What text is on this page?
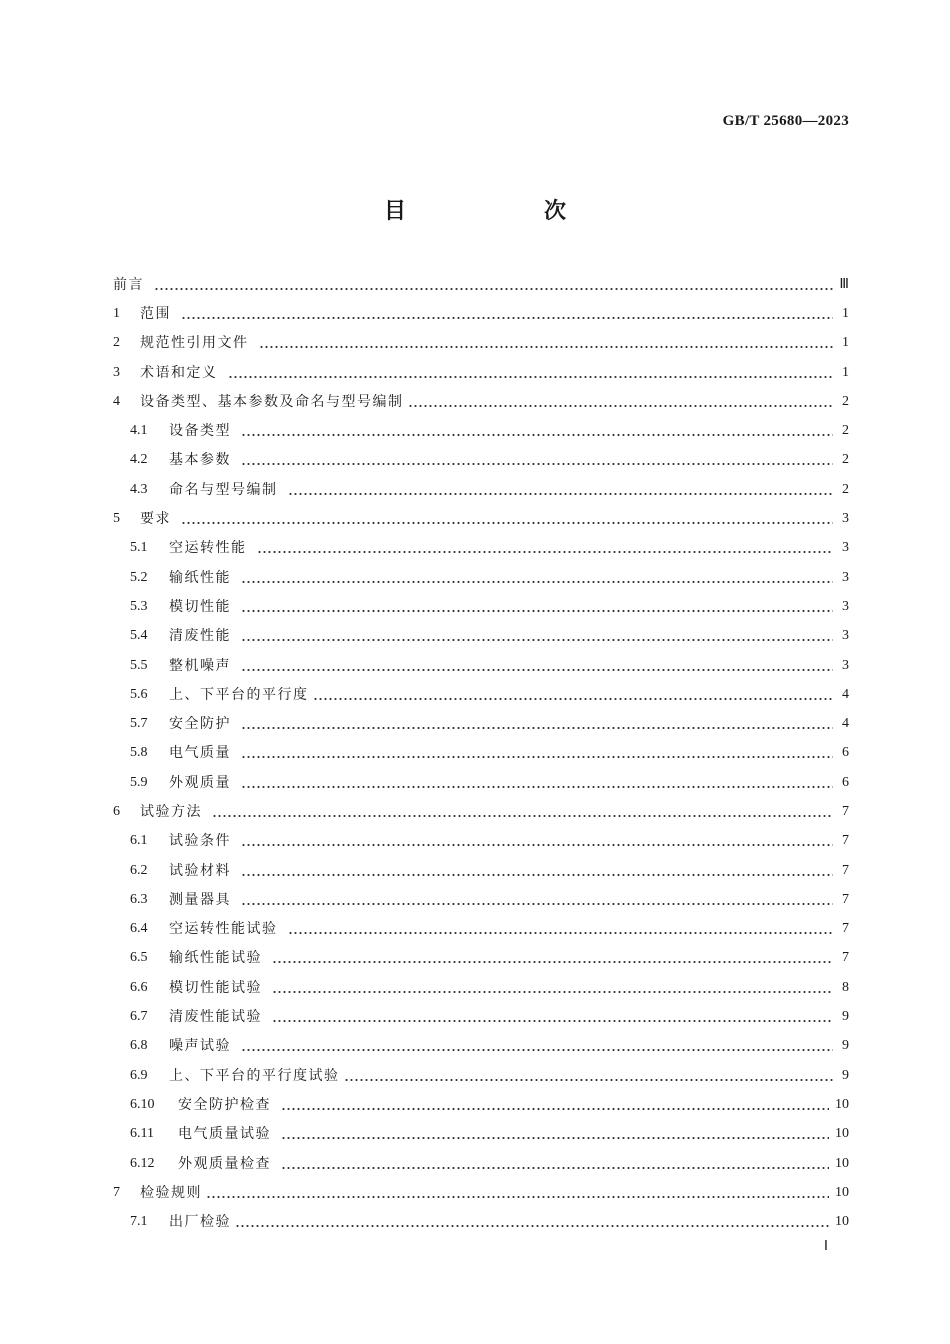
GB/T 25680—2023
目　次
前言	Ⅲ
1	范围	1
2	规范性引用文件	1
3	术语和定义	1
4	设备类型、基本参数及命名与型号编制	2
4.1	设备类型	2
4.2	基本参数	2
4.3	命名与型号编制	2
5	要求	3
5.1	空运转性能	3
5.2	输纸性能	3
5.3	模切性能	3
5.4	清废性能	3
5.5	整机噪声	3
5.6	上、下平台的平行度	4
5.7	安全防护	4
5.8	电气质量	6
5.9	外观质量	6
6	试验方法	7
6.1	试验条件	7
6.2	试验材料	7
6.3	测量器具	7
6.4	空运转性能试验	7
6.5	输纸性能试验	7
6.6	模切性能试验	8
6.7	清废性能试验	9
6.8	噪声试验	9
6.9	上、下平台的平行度试验	9
6.10	安全防护检查	10
6.11	电气质量试验	10
6.12	外观质量检查	10
7	检验规则	10
7.1	出厂检验	10
Ⅰ
